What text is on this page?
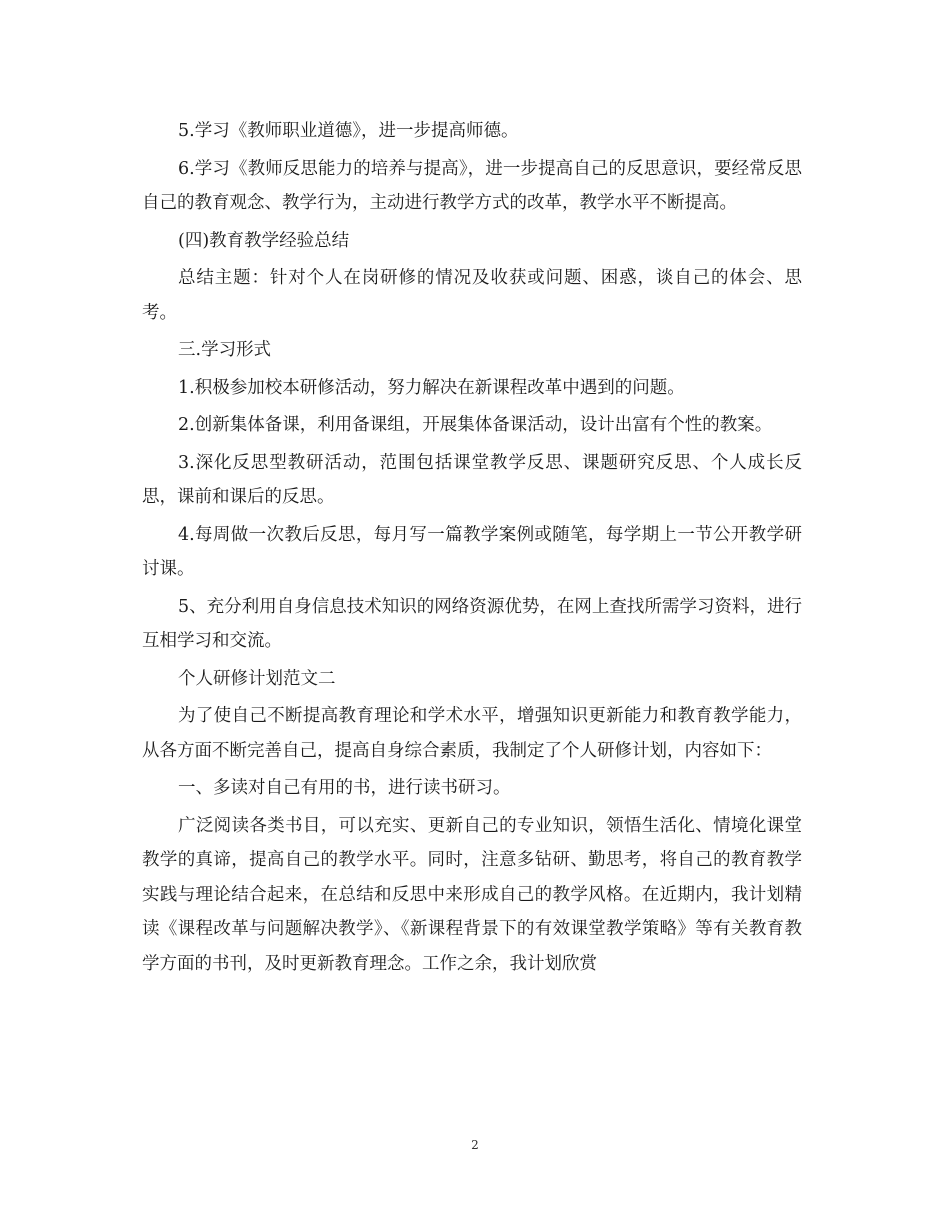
5.学习《教师职业道德》，进一步提高师德。

6.学习《教师反思能力的培养与提高》，进一步提高自己的反思意识，要经常反思自己的教育观念、教学行为，主动进行教学方式的改革，教学水平不断提高。

(四)教育教学经验总结

总结主题：针对个人在岗研修的情况及收获或问题、困惑，谈自己的体会、思考。

三.学习形式

1.积极参加校本研修活动，努力解决在新课程改革中遇到的问题。

2.创新集体备课，利用备课组，开展集体备课活动，设计出富有个性的教案。

3.深化反思型教研活动，范围包括课堂教学反思、课题研究反思、个人成长反思，课前和课后的反思。

4.每周做一次教后反思，每月写一篇教学案例或随笔，每学期上一节公开教学研讨课。

5、充分利用自身信息技术知识的网络资源优势，在网上查找所需学习资料，进行互相学习和交流。

个人研修计划范文二

为了使自己不断提高教育理论和学术水平，增强知识更新能力和教育教学能力，从各方面不断完善自己，提高自身综合素质，我制定了个人研修计划，内容如下：

一、多读对自己有用的书，进行读书研习。

广泛阅读各类书目，可以充实、更新自己的专业知识，领悟生活化、情境化课堂教学的真谛，提高自己的教学水平。同时，注意多钻研、勤思考，将自己的教育教学实践与理论结合起来，在总结和反思中来形成自己的教学风格。在近期内，我计划精读《课程改革与问题解决教学》、《新课程背景下的有效课堂教学策略》等有关教育教学方面的书刊，及时更新教育理念。工作之余，我计划欣赏

2
